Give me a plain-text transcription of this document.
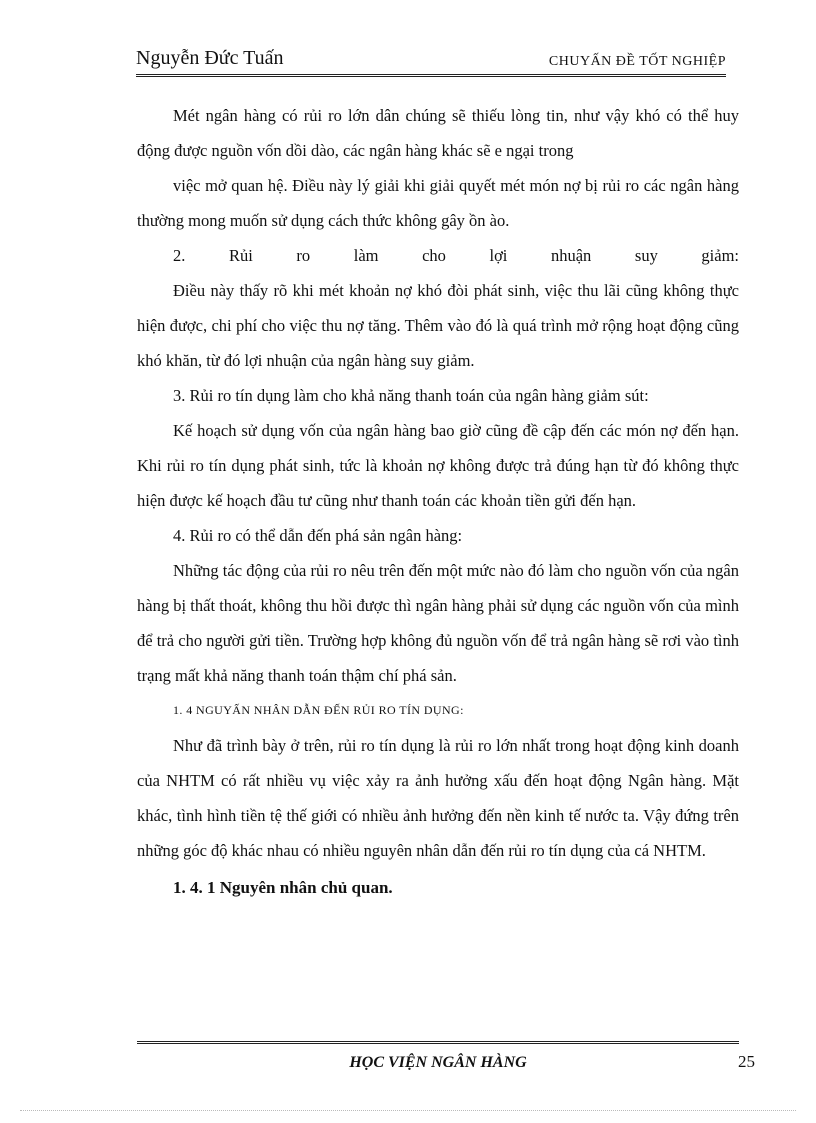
Nguyễn Đức Tuấn	CHUYẤN ĐỀ TỐT NGHIỆP

Mét ngân hàng có rủi ro lớn dân chúng sẽ thiếu lòng tin, như vậy khó có thể huy động được nguồn vốn dồi dào, các ngân hàng khác sẽ e ngại trong

việc mở quan hệ. Điều này lý giải khi giải quyết mét món nợ bị rủi ro các ngân hàng thường mong muốn sử dụng cách thức không gây ồn ào.

2.      Rủi      ro      làm      cho      lợi      nhuận      suy      giảm:

Điều này thấy rõ khi mét khoản nợ khó đòi phát sinh, việc thu lãi cũng không thực hiện được, chi phí cho việc thu nợ tăng. Thêm vào đó là quá trình mở rộng hoạt động cũng khó khăn, từ đó lợi nhuận của ngân hàng suy giảm.

3. Rủi ro tín dụng làm cho khả năng thanh toán của ngân hàng giảm sút:

Kế hoạch sử dụng vốn của ngân hàng bao giờ cũng đề cập đến các món nợ đến hạn. Khi rủi ro tín dụng phát sinh, tức là khoản nợ không được trả đúng hạn từ đó không thực hiện được kế hoạch đầu tư cũng như thanh toán các khoản tiền gửi đến hạn.

4. Rủi ro có thể dẫn đến phá sản ngân hàng:

Những tác động của rủi ro nêu trên đến một mức nào đó làm cho nguồn vốn của ngân hàng bị thất thoát, không thu hồi được thì ngân hàng phải sử dụng các nguồn vốn của mình để trả cho người gửi tiền. Trường hợp không đủ nguồn vốn để trả ngân hàng sẽ rơi vào tình trạng mất khả năng thanh toán thậm chí phá sản.

1. 4 NGUYẤN NHÂN DẪN ĐẾN RỦI RO TÍN DỤNG:

Như đã trình bày ở trên, rủi ro tín dụng là rủi ro lớn nhất trong hoạt động kinh doanh của NHTM có rất nhiều vụ việc xảy ra ảnh hưởng xấu đến hoạt động Ngân hàng. Mặt khác, tình hình tiền tệ thế giới có nhiều ảnh hưởng đến nền kinh tế nước ta. Vậy đứng trên những góc độ khác nhau có nhiều nguyên nhân dẫn đến rủi ro tín dụng của cá NHTM.

1. 4. 1 Nguyên nhân chủ quan.

HỌC VIỆN NGÂN HÀNG	25
